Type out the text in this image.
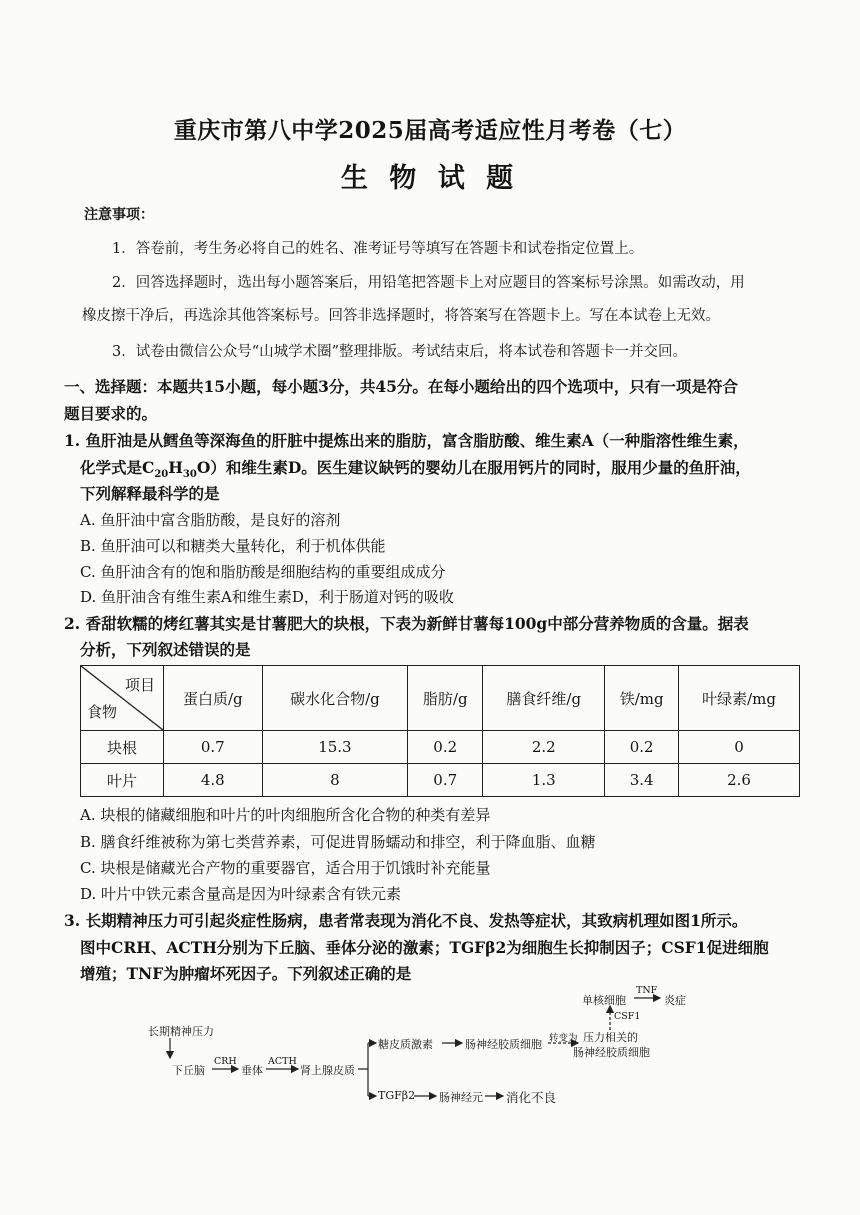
重庆市第八中学2025届高考适应性月考卷（七）
生 物 试 题
注意事项：
1．答卷前，考生务必将自己的姓名、准考证号等填写在答题卡和试卷指定位置上。
2．回答选择题时，选出每小题答案后，用铅笔把答题卡上对应题目的答案标号涂黑。如需改动，用
橡皮擦干净后，再选涂其他答案标号。回答非选择题时，将答案写在答题卡上。写在本试卷上无效。
3．试卷由微信公众号“山城学术圈”整理排版。考试结束后，将本试卷和答题卡一并交回。
一、选择题：本题共15小题，每小题3分，共45分。在每小题给出的四个选项中，只有一项是符合
题目要求的。
1. 鱼肝油是从鳕鱼等深海鱼的肝脏中提炼出来的脂肪，富含脂肪酸、维生素A（一种脂溶性维生素，
化学式是$C_{20}H_{30}O$）和维生素D。医生建议缺钙的婴幼儿在服用钙片的同时，服用少量的鱼肝油，
下列解释最科学的是
A. 鱼肝油中富含脂肪酸，是良好的溶剂
B. 鱼肝油可以和糖类大量转化，利于机体供能
C. 鱼肝油含有的饱和脂肪酸是细胞结构的重要组成成分
D. 鱼肝油含有维生素A和维生素D，利于肠道对钙的吸收
2. 香甜软糯的烤红薯其实是甘薯肥大的块根，下表为新鲜甘薯每100g中部分营养物质的含量。据表
分析，下列叙述错误的是
项目
食物	蛋白质/g	碳水化合物/g	脂肪/g	膳食纤维/g	铁/mg	叶绿素/mg
块根	0.7	15.3	0.2	2.2	0.2	0
叶片	4.8	8	0.7	1.3	3.4	2.6
A. 块根的储藏细胞和叶片的叶肉细胞所含化合物的种类有差异
B. 膳食纤维被称为第七类营养素，可促进胃肠蠕动和排空，利于降血脂、血糖
C. 块根是储藏光合产物的重要器官，适合用于饥饿时补充能量
D. 叶片中铁元素含量高是因为叶绿素含有铁元素
3. 长期精神压力可引起炎症性肠病，患者常表现为消化不良、发热等症状，其致病机理如图1所示。
图中CRH、ACTH分别为下丘脑、垂体分泌的激素；TGFβ2为细胞生长抑制因子；CSF1促进细胞
增殖；TNF为肿瘤坏死因子。下列叙述正确的是
长期精神压力
下丘脑
CRH
垂体
ACTH
肾上腺皮质
糖皮质激素	肠神经胶质细胞 转变为 压力相关的
肠神经胶质细胞
CSF1
单核细胞
TNF
炎症
TGFβ2 肠神经元 消化不良
